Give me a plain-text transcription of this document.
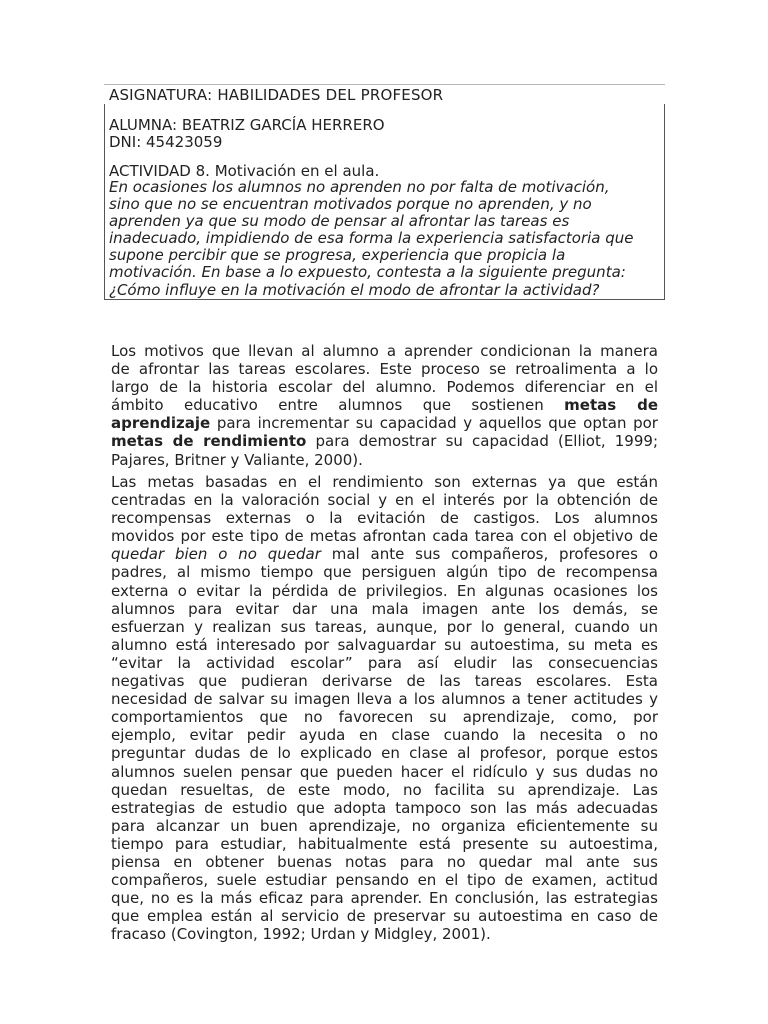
ASIGNATURA: HABILIDADES DEL PROFESOR
ALUMNA: BEATRIZ GARCÍA HERRERO
DNI: 45423059
ACTIVIDAD 8. Motivación en el aula.
En ocasiones los alumnos no aprenden no por falta de motivación,
sino que no se encuentran motivados porque no aprenden, y no
aprenden ya que su modo de pensar al afrontar las tareas es
inadecuado, impidiendo de esa forma la experiencia satisfactoria que
supone percibir que se progresa, experiencia que propicia la
motivación. En base a lo expuesto, contesta a la siguiente pregunta:
¿Cómo influye en la motivación el modo de afrontar la actividad?
Los motivos que llevan al alumno a aprender condicionan la manera
de afrontar las tareas escolares. Este proceso se retroalimenta a lo
largo de la historia escolar del alumno. Podemos diferenciar en el
ámbito educativo entre alumnos que sostienen metas de
aprendizaje para incrementar su capacidad y aquellos que optan por
metas de rendimiento para demostrar su capacidad (Elliot, 1999;
Pajares, Britner y Valiante, 2000).
Las metas basadas en el rendimiento son externas ya que están
centradas en la valoración social y en el interés por la obtención de
recompensas externas o la evitación de castigos. Los alumnos
movidos por este tipo de metas afrontan cada tarea con el objetivo de
quedar bien o no quedar mal ante sus compañeros, profesores o
padres, al mismo tiempo que persiguen algún tipo de recompensa
externa o evitar la pérdida de privilegios. En algunas ocasiones los
alumnos para evitar dar una mala imagen ante los demás, se
esfuerzan y realizan sus tareas, aunque, por lo general, cuando un
alumno está interesado por salvaguardar su autoestima, su meta es
“evitar la actividad escolar” para así eludir las consecuencias
negativas que pudieran derivarse de las tareas escolares. Esta
necesidad de salvar su imagen lleva a los alumnos a tener actitudes y
comportamientos que no favorecen su aprendizaje, como, por
ejemplo, evitar pedir ayuda en clase cuando la necesita o no
preguntar dudas de lo explicado en clase al profesor, porque estos
alumnos suelen pensar que pueden hacer el ridículo y sus dudas no
quedan resueltas, de este modo, no facilita su aprendizaje. Las
estrategias de estudio que adopta tampoco son las más adecuadas
para alcanzar un buen aprendizaje, no organiza eficientemente su
tiempo para estudiar, habitualmente está presente su autoestima,
piensa en obtener buenas notas para no quedar mal ante sus
compañeros, suele estudiar pensando en el tipo de examen, actitud
que, no es la más eficaz para aprender. En conclusión, las estrategias
que emplea están al servicio de preservar su autoestima en caso de
fracaso (Covington, 1992; Urdan y Midgley, 2001).
